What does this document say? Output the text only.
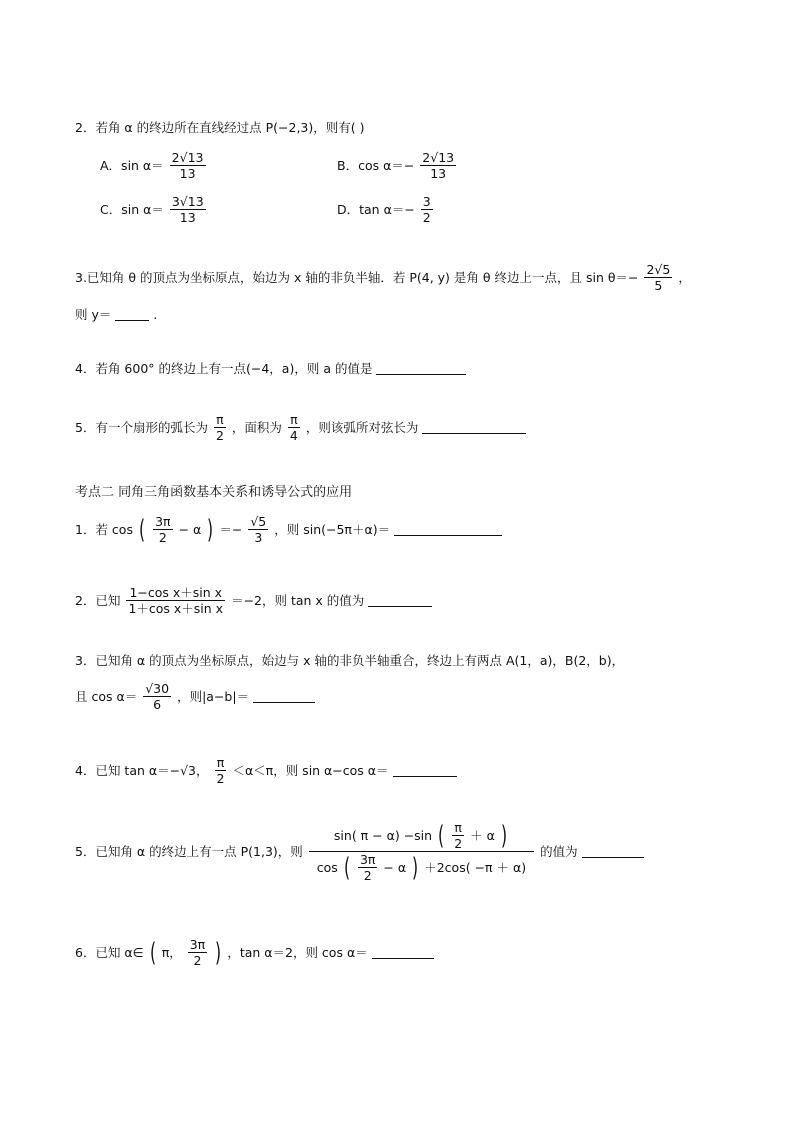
2．若角 α 的终边所在直线经过点 P(−2,3)，则有( )
A．$\sin \alpha= \frac{2√13}{13}$	B．$\cos \alpha=- \frac{2√13}{13}$
C．$\sin \alpha= \frac{3√13}{13}$	D．$\tan \alpha=- \frac{3}{2}$
3.已知角 θ 的顶点为坐标原点，始边为 x 轴的非负半轴．若 P(4, y) 是角 θ 终边上一点，且 $\sin \theta=- \frac{2√5}{5}$ ，
则 y＝	.
4．若角 600° 的终边上有一点(−4，a)，则 a 的值是
5．有一个扇形的弧长为 $\frac{\pi}{2}$ ，面积为 $\frac{\pi}{4}$ ，则该弧所对弦长为
考点二 同角三角函数基本关系和诱导公式的应用
1．若 cos ( $\frac{3\pi}{2} - \alpha$ ) ＝− $\frac{√5}{3}$ ，则 sin(−5π＋α)＝
2．已知 $\frac{\text{1−cos x＋sin x}}{\text{1＋cos x＋sin x}} =-2$，则 tan x 的值为
3．已知角 α 的顶点为坐标原点，始边与 x 轴的非负半轴重合，终边上有两点 A(1，a)，B(2，b)，
且 $\cos \alpha= \frac{√30}{6}$ ，则|a−b|＝
4．已知 tan α＝−√3， $\frac{\pi}{2} <\alpha<\pi$，则 sin α−cos α＝
5．已知角 α 的终边上有一点 P(1,3)，则
sin( π − α) −sin ( $\frac{\pi}{2} + \alpha$ )
cos ( $\frac{3\pi}{2} - \alpha$ ) ＋2cos( −π ＋ α)
的值为
6．已知 α∈ ( π， $\frac{3\pi}{2}$ ) ，tan α＝2，则 cos α＝
